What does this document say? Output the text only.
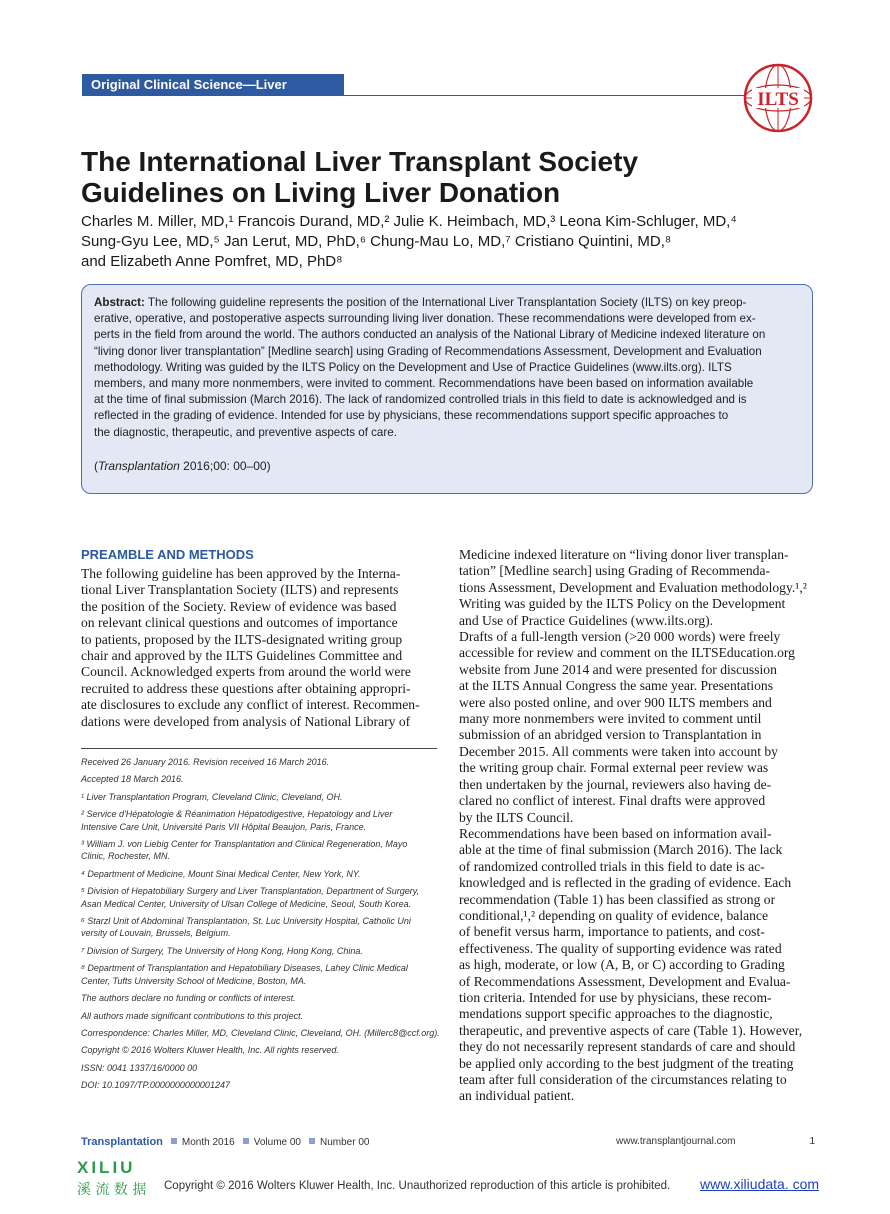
Original Clinical Science—Liver
ILTS
The International Liver Transplant Society
Guidelines on Living Liver Donation
Charles M. Miller, MD,¹ Francois Durand, MD,² Julie K. Heimbach, MD,³ Leona Kim-Schluger, MD,⁴
Sung-Gyu Lee, MD,⁵ Jan Lerut, MD, PhD,⁶ Chung-Mau Lo, MD,⁷ Cristiano Quintini, MD,⁸
and Elizabeth Anne Pomfret, MD, PhD⁸
Abstract: The following guideline represents the position of the International Liver Transplantation Society (ILTS) on key preop-
erative, operative, and postoperative aspects surrounding living liver donation. These recommendations were developed from ex-
perts in the field from around the world. The authors conducted an analysis of the National Library of Medicine indexed literature on
“living donor liver transplantation” [Medline search] using Grading of Recommendations Assessment, Development and Evaluation
methodology. Writing was guided by the ILTS Policy on the Development and Use of Practice Guidelines (www.ilts.org). ILTS
members, and many more nonmembers, were invited to comment. Recommendations have been based on information available
at the time of final submission (March 2016). The lack of randomized controlled trials in this field to date is acknowledged and is
reflected in the grading of evidence. Intended for use by physicians, these recommendations support specific approaches to
the diagnostic, therapeutic, and preventive aspects of care.
(Transplantation 2016;00: 00–00)
PREAMBLE AND METHODS
The following guideline has been approved by the Interna-
tional Liver Transplantation Society (ILTS) and represents
the position of the Society. Review of evidence was based
on relevant clinical questions and outcomes of importance
to patients, proposed by the ILTS-designated writing group
chair and approved by the ILTS Guidelines Committee and
Council. Acknowledged experts from around the world were
recruited to address these questions after obtaining appropri-
ate disclosures to exclude any conflict of interest. Recommen-
dations were developed from analysis of National Library of
Medicine indexed literature on “living donor liver transplan-
tation” [Medline search] using Grading of Recommenda-
tions Assessment, Development and Evaluation methodology.¹,²
Writing was guided by the ILTS Policy on the Development
and Use of Practice Guidelines (www.ilts.org).
Drafts of a full-length version (>20 000 words) were freely
accessible for review and comment on the ILTSEducation.org
website from June 2014 and were presented for discussion
at the ILTS Annual Congress the same year. Presentations
were also posted online, and over 900 ILTS members and
many more nonmembers were invited to comment until
submission of an abridged version to Transplantation in
December 2015. All comments were taken into account by
the writing group chair. Formal external peer review was
then undertaken by the journal, reviewers also having de-
clared no conflict of interest. Final drafts were approved
by the ILTS Council.
Recommendations have been based on information avail-
able at the time of final submission (March 2016). The lack
of randomized controlled trials in this field to date is ac-
knowledged and is reflected in the grading of evidence. Each
recommendation (Table 1) has been classified as strong or
conditional,¹,² depending on quality of evidence, balance
of benefit versus harm, importance to patients, and cost-
effectiveness. The quality of supporting evidence was rated
as high, moderate, or low (A, B, or C) according to Grading
of Recommendations Assessment, Development and Evalua-
tion criteria. Intended for use by physicians, these recom-
mendations support specific approaches to the diagnostic,
therapeutic, and preventive aspects of care (Table 1). However,
they do not necessarily represent standards of care and should
be applied only according to the best judgment of the treating
team after full consideration of the circumstances relating to
an individual patient.
Received 26 January 2016. Revision received 16 March 2016.
Accepted 18 March 2016.
¹ Liver Transplantation Program, Cleveland Clinic, Cleveland, OH.
² Service d'Hépatologie & Réanimation Hépatodigestive, Hepatology and Liver
Intensive Care Unit, Université Paris VII Hôpital Beaujon, Paris, France.
³ William J. von Liebig Center for Transplantation and Clinical Regeneration, Mayo
Clinic, Rochester, MN.
⁴ Department of Medicine, Mount Sinai Medical Center, New York, NY.
⁵ Division of Hepatobiliary Surgery and Liver Transplantation, Department of Surgery,
Asan Medical Center, University of Ulsan College of Medicine, Seoul, South Korea.
⁶ Starzl Unit of Abdominal Transplantation, St. Luc University Hospital, Catholic Uni
versity of Louvain, Brussels, Belgium.
⁷ Division of Surgery, The University of Hong Kong, Hong Kong, China.
⁸ Department of Transplantation and Hepatobiliary Diseases, Lahey Clinic Medical
Center, Tufts University School of Medicine, Boston, MA.
The authors declare no funding or conflicts of interest.
All authors made significant contributions to this project.
Correspondence: Charles Miller, MD, Cleveland Clinic, Cleveland, OH. (Millerc8@ccf.org).
Copyright © 2016 Wolters Kluwer Health, Inc. All rights reserved.
ISSN: 0041 1337/16/0000 00
DOI: 10.1097/TP.0000000000001247
Transplantation Month 2016 Volume 00 Number 00	www.transplantjournal.com	1
XILIU
溪 流 数 据 Copyright © 2016 Wolters Kluwer Health, Inc. Unauthorized reproduction of this article is prohibited. www.xiliudata. com
